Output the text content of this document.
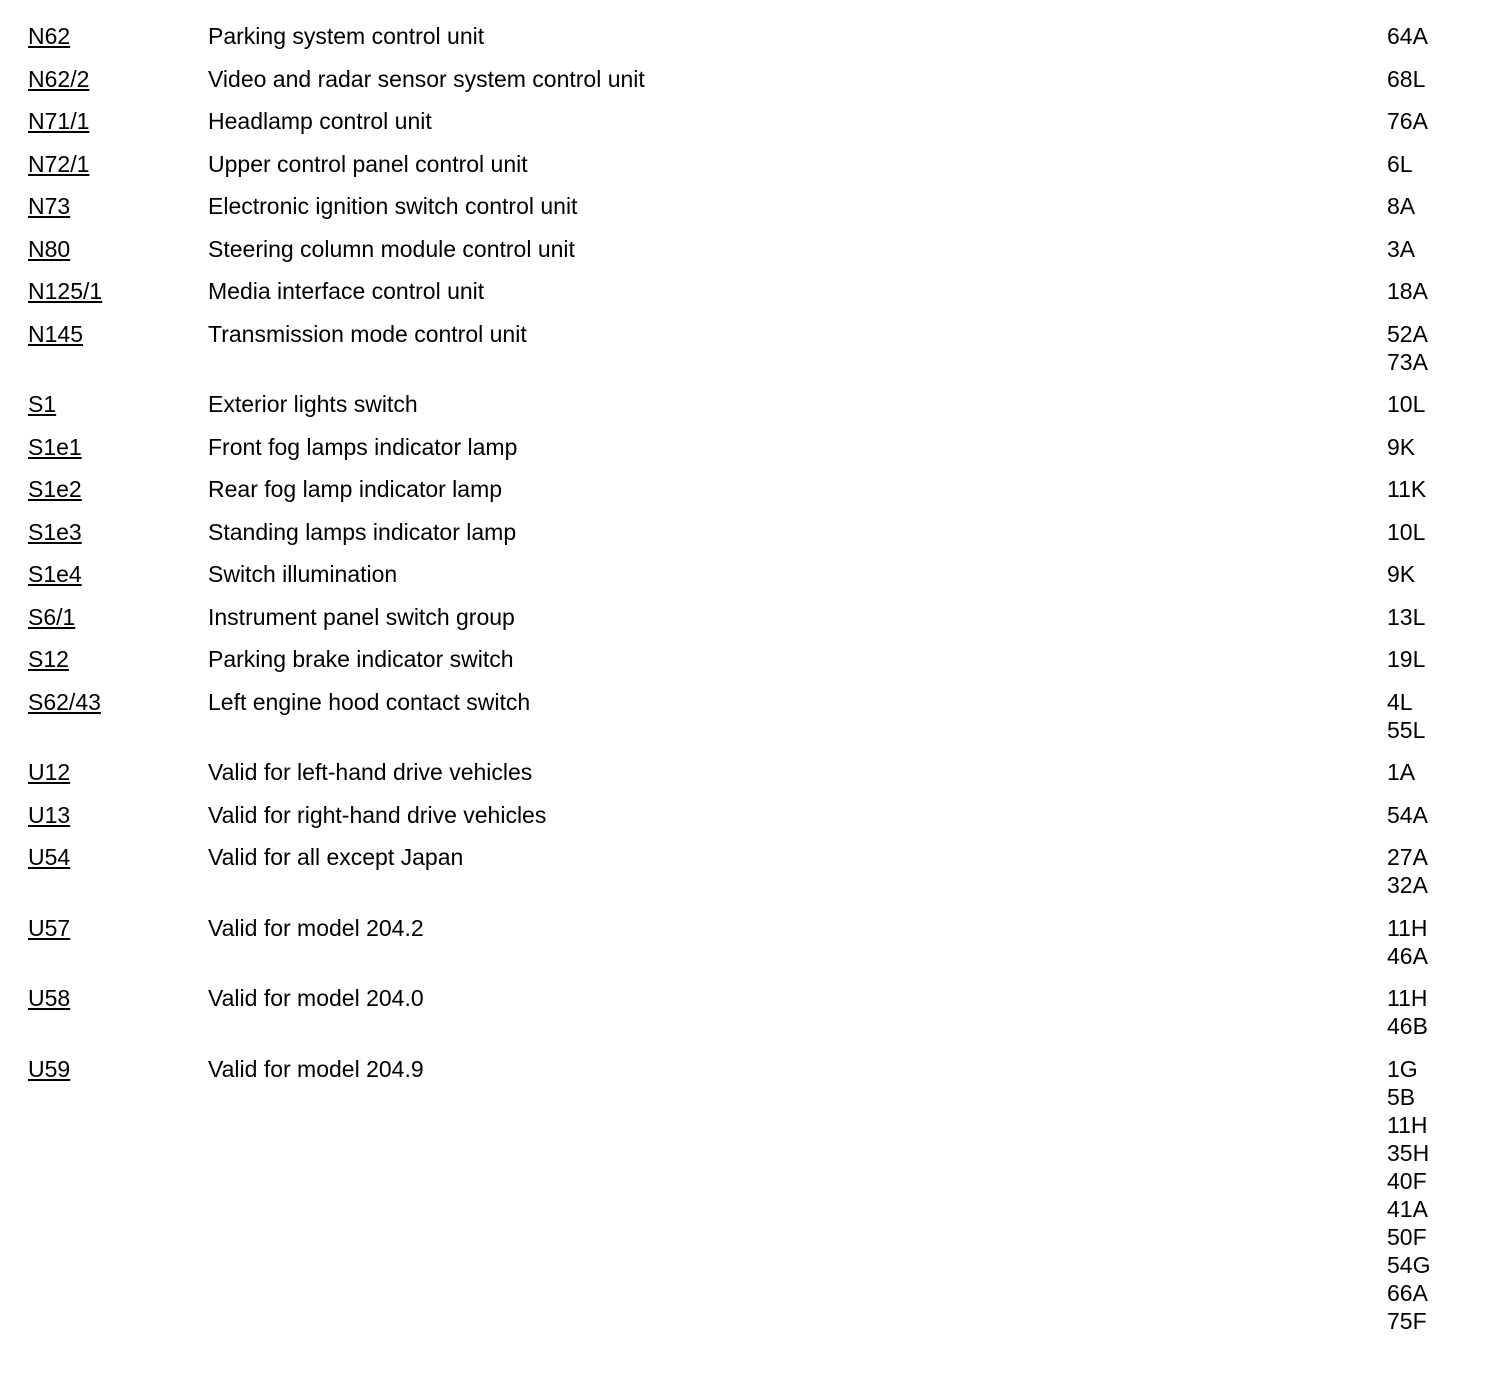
N62	Parking system control unit	64A
N62/2	Video and radar sensor system control unit	68L
N71/1	Headlamp control unit	76A
N72/1	Upper control panel control unit	6L
N73	Electronic ignition switch control unit	8A
N80	Steering column module control unit	3A
N125/1	Media interface control unit	18A
N145	Transmission mode control unit	52A
73A
S1	Exterior lights switch	10L
S1e1	Front fog lamps indicator lamp	9K
S1e2	Rear fog lamp indicator lamp	11K
S1e3	Standing lamps indicator lamp	10L
S1e4	Switch illumination	9K
S6/1	Instrument panel switch group	13L
S12	Parking brake indicator switch	19L
S62/43	Left engine hood contact switch	4L
55L
U12	Valid for left-hand drive vehicles	1A
U13	Valid for right-hand drive vehicles	54A
U54	Valid for all except Japan	27A
32A
U57	Valid for model 204.2	11H
46A
U58	Valid for model 204.0	11H
46B
U59	Valid for model 204.9	1G
5B
11H
35H
40F
41A
50F
54G
66A
75F
